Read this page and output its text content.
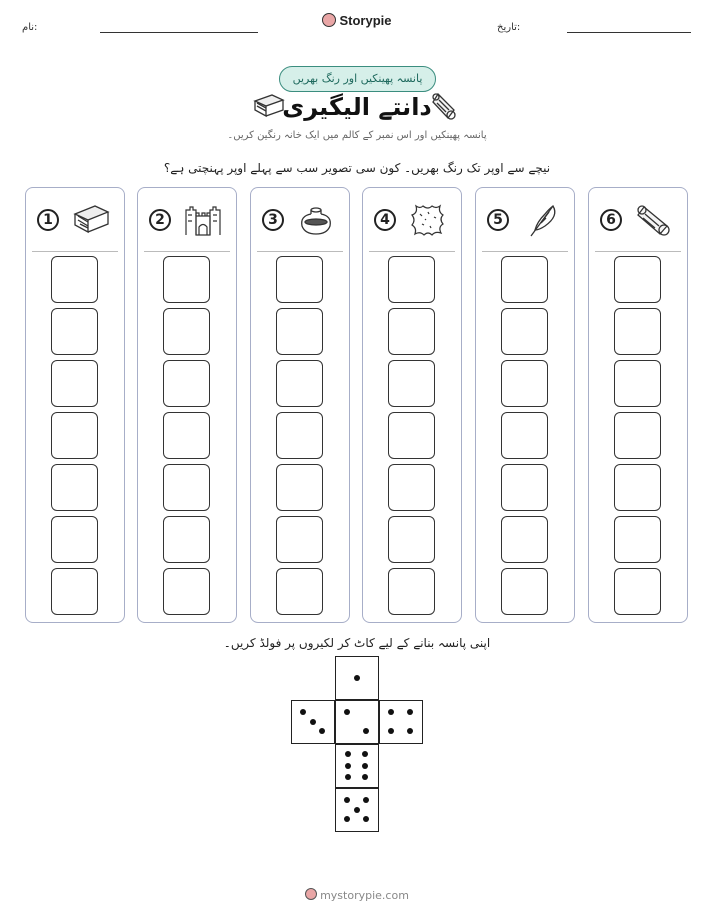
نام:	Storypie	تاریخ:
پانسہ پھینکیں اور رنگ بھریں
دانتے الیگیری
پانسہ پھینکیں اور اس نمبر کے کالم میں ایک خانہ رنگین کریں۔
نیچے سے اوپر تک رنگ بھریں۔ کون سی تصویر سب سے پہلے اوپر پہنچتی ہے؟
1	2	3	4	5	6
اپنی پانسہ بنانے کے لیے کاٹ کر لکیروں پر فولڈ کریں۔
mystorypie.com
